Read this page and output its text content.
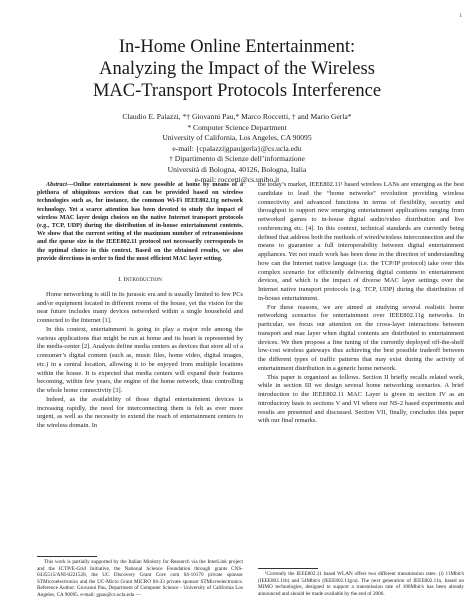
1
In-Home Online Entertainment:
Analyzing the Impact of the Wireless
MAC-Transport Protocols Interference
Claudio E. Palazzi, *† Giovanni Pau,* Marco Roccetti, † and Mario Gerla*
* Computer Science Department
University of California, Los Angeles, CA 90095
e-mail: {cpalazzi|gpau|gerla}@cs.ucla.edu
† Dipartimento di Scienze dell’informazione
Università di Bologna, 40126, Bologna, Italia
e-mail: roccetti@cs.unibo.it

Abstract—Online entertainment is now possible at home by means of a plethora of ubiquitous services that can be provided based on wireless technologies such as, for instance, the common Wi-Fi IEEE802.11g network technology. Yet a scarce attention has been devoted to study the impact of wireless MAC layer design choices on the native Internet transport protocols (e.g., TCP, UDP) during the distribution of in-house entertainment contents. We show that the current setting of the maximum number of retransmissions and the queue size in the IEEE802.11 protocol not necessarily corresponds to the optimal choice in this context. Based on the obtained results, we also provide directions in order to find the most efficient MAC layer setting.

I. Introduction

Home networking is still in its jurassic era and is usually limited to few PCs and/or equipment located in different rooms of the house, yet the vision for the near future includes many devices networked within a single household and connected to the Internet [1].

In this context, entertainment is going to play a major role among the various applications that might be run at home and its heart is represented by the media-center [2]. Analysts define media centers as devices that store all of a consumer’s digital content (such as, music files, home video, digital images, etc.) in a central location, allowing it to be enjoyed from multiple locations within the house. It is expected that media centers will expand their features becoming, within few years, the engine of the home network, thus controlling the whole home connectivity [3].

Indeed, as the availability of those digital entertainment devices is increasing rapidly, the need for interconnecting them is felt as ever more urgent, as well as the necessity to extend the reach of entertainment centers to the wireless domain. In

the today’s market, IEEE802.11¹ based wireless LANs are emerging as the best candidate to lead the “home networks” revolution providing wireless connectivity and advanced functions in terms of flexibility, security and throughput to support new emerging entertainment applications ranging from networked games to in-house digital audio/video distribution and live conferencing etc. [4]. In this context, technical standards are currently being defined that address both the methods of wired/wireless interconnection and the means to guarantee a full interoperability between digital entertainment appliances. Yet not much work has been done in the direction of understanding how can the Internet native language (i.e. the TCP/IP protocol) take over this complex scenario for efficiently delivering digital contents to entertainment devices, and which is the impact of diverse MAC layer settings over the Internet native transport protocols (e.g. TCP, UDP) during the distribution of in-house entertainment.

For these reasons, we are aimed at studying several realistic home networking scenarios for entertainment over IEEE802.11g networks. In particular, we focus our attention on the cross-layer interactions between transport and mac layer when digital contents are distributed to entertainment devices. We then propose a fine tuning of the currently deployed off-the-shelf low-cost wireless gateways thus achieving the best possible tradeoff between the different types of traffic patterns that may exist during the activity of entertainment distribution in a generic home network.

This paper is organized as follows. Section II briefly recalls related work, while in section III we design several home networking scenarios. A brief introduction to the IEEE802.11 MAC Layer is given in section IV as an introductory basis to sections V and VI where our NS-2 based experiments and results are presented and discussed. Section VII, finally, concludes this paper with our final remarks.

This work is partially supported by the Italian Ministry for Research via the InterLink project and the ICTP/E-Grid Initiative, the National Science Foundation through grants CNS-0435515/ANI-0221528, the UC Discovery Grant Core com 04-10170 private sponsor STMicroelectronics and the UC-Micro Grant MICRO 04-33 private sponsor STMicroelectronics. Reference Author: Giovanni Pau, Department of Computer Science - University of California Los Angeles, CA 90095. e-mail: gpau@cs.ucla.edu —

¹Currently the IEEE802.11 based WLAN offers two different transmission rates: (i) 11Mbit/s (IEEE802.11b) and 54Mbit/s (IEEE802.11g/a). The next generation of IEEE802.11n, based on MIMO technologies, designed to support a transmission rate of 100Mbit/s has been already announced and should be made available by the end of 2006.
